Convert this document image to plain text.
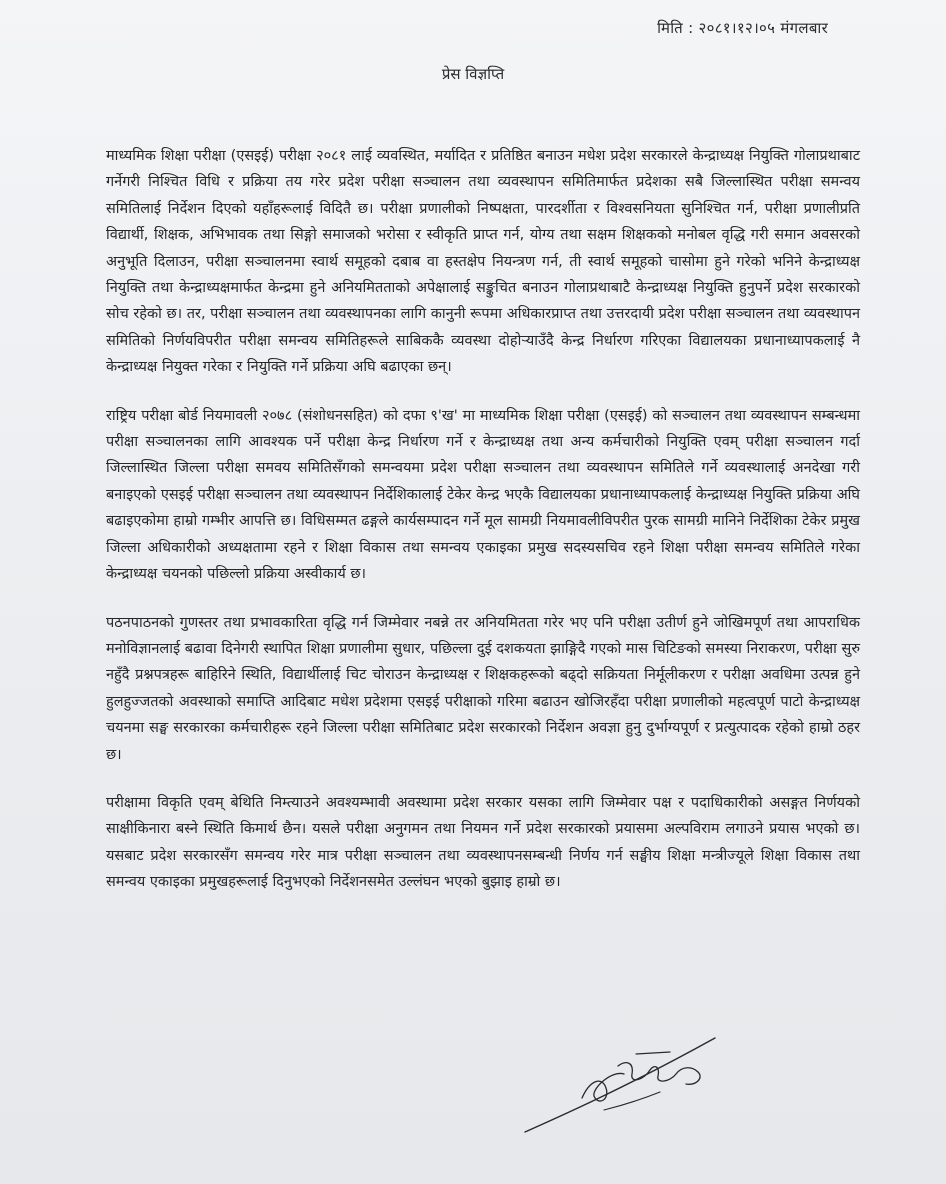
मिति : २०८१।१२।०५ मंगलबार
प्रेस विज्ञप्ति

माध्यमिक शिक्षा परीक्षा (एसइई) परीक्षा २०८१ लाई व्यवस्थित, मर्यादित र प्रतिष्ठित बनाउन मधेश प्रदेश सरकारले केन्द्राध्यक्ष नियुक्ति गोलाप्रथाबाट गर्नेगरी निश्चित विधि र प्रक्रिया तय गरेर प्रदेश परीक्षा सञ्चालन तथा व्यवस्थापन समितिमार्फत प्रदेशका सबै जिल्लास्थित परीक्षा समन्वय समितिलाई निर्देशन दिएको यहाँहरूलाई विदितै छ। परीक्षा प्रणालीको निष्पक्षता, पारदर्शीता र विश्वसनियता सुनिश्चित गर्न, परीक्षा प्रणालीप्रति विद्यार्थी, शिक्षक, अभिभावक तथा सिङ्गो समाजको भरोसा र स्वीकृति प्राप्त गर्न, योग्य तथा सक्षम शिक्षकको मनोबल वृद्धि गरी समान अवसरको अनुभूति दिलाउन, परीक्षा सञ्चालनमा स्वार्थ समूहको दबाब वा हस्तक्षेप नियन्त्रण गर्न, ती स्वार्थ समूहको चासोमा हुने गरेको भनिने केन्द्राध्यक्ष नियुक्ति तथा केन्द्राध्यक्षमार्फत केन्द्रमा हुने अनियमितताको अपेक्षालाई सङ्कुचित बनाउन गोलाप्रथाबाटै केन्द्राध्यक्ष नियुक्ति हुनुपर्ने प्रदेश सरकारको सोच रहेको छ। तर, परीक्षा सञ्चालन तथा व्यवस्थापनका लागि कानुनी रूपमा अधिकारप्राप्त तथा उत्तरदायी प्रदेश परीक्षा सञ्चालन तथा व्यवस्थापन समितिको निर्णयविपरीत परीक्षा समन्वय समितिहरूले साबिककै व्यवस्था दोहोर्‍याउँदै केन्द्र निर्धारण गरिएका विद्यालयका प्रधानाध्यापकलाई नै केन्द्राध्यक्ष नियुक्त गरेका र नियुक्ति गर्ने प्रक्रिया अघि बढाएका छन्।

राष्ट्रिय परीक्षा बोर्ड नियमावली २०७८ (संशोधनसहित) को दफा ९'ख' मा माध्यमिक शिक्षा परीक्षा (एसइई) को सञ्चालन तथा व्यवस्थापन सम्बन्धमा परीक्षा सञ्चालनका लागि आवश्यक पर्ने परीक्षा केन्द्र निर्धारण गर्ने र केन्द्राध्यक्ष तथा अन्य कर्मचारीको नियुक्ति एवम् परीक्षा सञ्चालन गर्दा जिल्लास्थित जिल्ला परीक्षा समवय समितिसँगको समन्वयमा प्रदेश परीक्षा सञ्चालन तथा व्यवस्थापन समितिले गर्ने व्यवस्थालाई अनदेखा गरी बनाइएको एसइई परीक्षा सञ्चालन तथा व्यवस्थापन निर्देशिकालाई टेकेर केन्द्र भएकै विद्यालयका प्रधानाध्यापकलाई केन्द्राध्यक्ष नियुक्ति प्रक्रिया अघि बढाइएकोमा हाम्रो गम्भीर आपत्ति छ। विधिसम्मत ढङ्गले कार्यसम्पादन गर्ने मूल सामग्री नियमावलीविपरीत पुरक सामग्री मानिने निर्देशिका टेकेर प्रमुख जिल्ला अधिकारीको अध्यक्षतामा रहने र शिक्षा विकास तथा समन्वय एकाइका प्रमुख सदस्यसचिव रहने शिक्षा परीक्षा समन्वय समितिले गरेका केन्द्राध्यक्ष चयनको पछिल्लो प्रक्रिया अस्वीकार्य छ।

पठनपाठनको गुणस्तर तथा प्रभावकारिता वृद्धि गर्न जिम्मेवार नबन्ने तर अनियमितता गरेर भए पनि परीक्षा उतीर्ण हुने जोखिमपूर्ण तथा आपराधिक मनोविज्ञानलाई बढावा दिनेगरी स्थापित शिक्षा प्रणालीमा सुधार, पछिल्ला दुई दशकयता झाङ्गिदै गएको मास चिटिङको समस्या निराकरण, परीक्षा सुरु नहुँदै प्रश्नपत्रहरू बाहिरिने स्थिति, विद्यार्थीलाई चिट चोराउन केन्द्राध्यक्ष र शिक्षकहरूको बढ्दो सक्रियता निर्मूलीकरण र परीक्षा अवधिमा उत्पन्न हुने हुलहुज्जतको अवस्थाको समाप्ति आदिबाट मधेश प्रदेशमा एसइई परीक्षाको गरिमा बढाउन खोजिरहँदा परीक्षा प्रणालीको महत्वपूर्ण पाटो केन्द्राध्यक्ष चयनमा सङ्घ सरकारका कर्मचारीहरू रहने जिल्ला परीक्षा समितिबाट प्रदेश सरकारको निर्देशन अवज्ञा हुनु दुर्भाग्यपूर्ण र प्रत्युत्पादक रहेको हाम्रो ठहर छ।

परीक्षामा विकृति एवम् बेथिति निम्त्याउने अवश्यम्भावी अवस्थामा प्रदेश सरकार यसका लागि जिम्मेवार पक्ष र पदाधिकारीको असङ्गत निर्णयको साक्षीकिनारा बस्ने स्थिति किमार्थ छैन। यसले परीक्षा अनुगमन तथा नियमन गर्ने प्रदेश सरकारको प्रयासमा अल्पविराम लगाउने प्रयास भएको छ। यसबाट प्रदेश सरकारसँग समन्वय गरेर मात्र परीक्षा सञ्चालन तथा व्यवस्थापनसम्बन्धी निर्णय गर्न सङ्घीय शिक्षा मन्त्रीज्यूले शिक्षा विकास तथा समन्वय एकाइका प्रमुखहरूलाई दिनुभएको निर्देशनसमेत उल्लंघन भएको बुझाइ हाम्रो छ।
